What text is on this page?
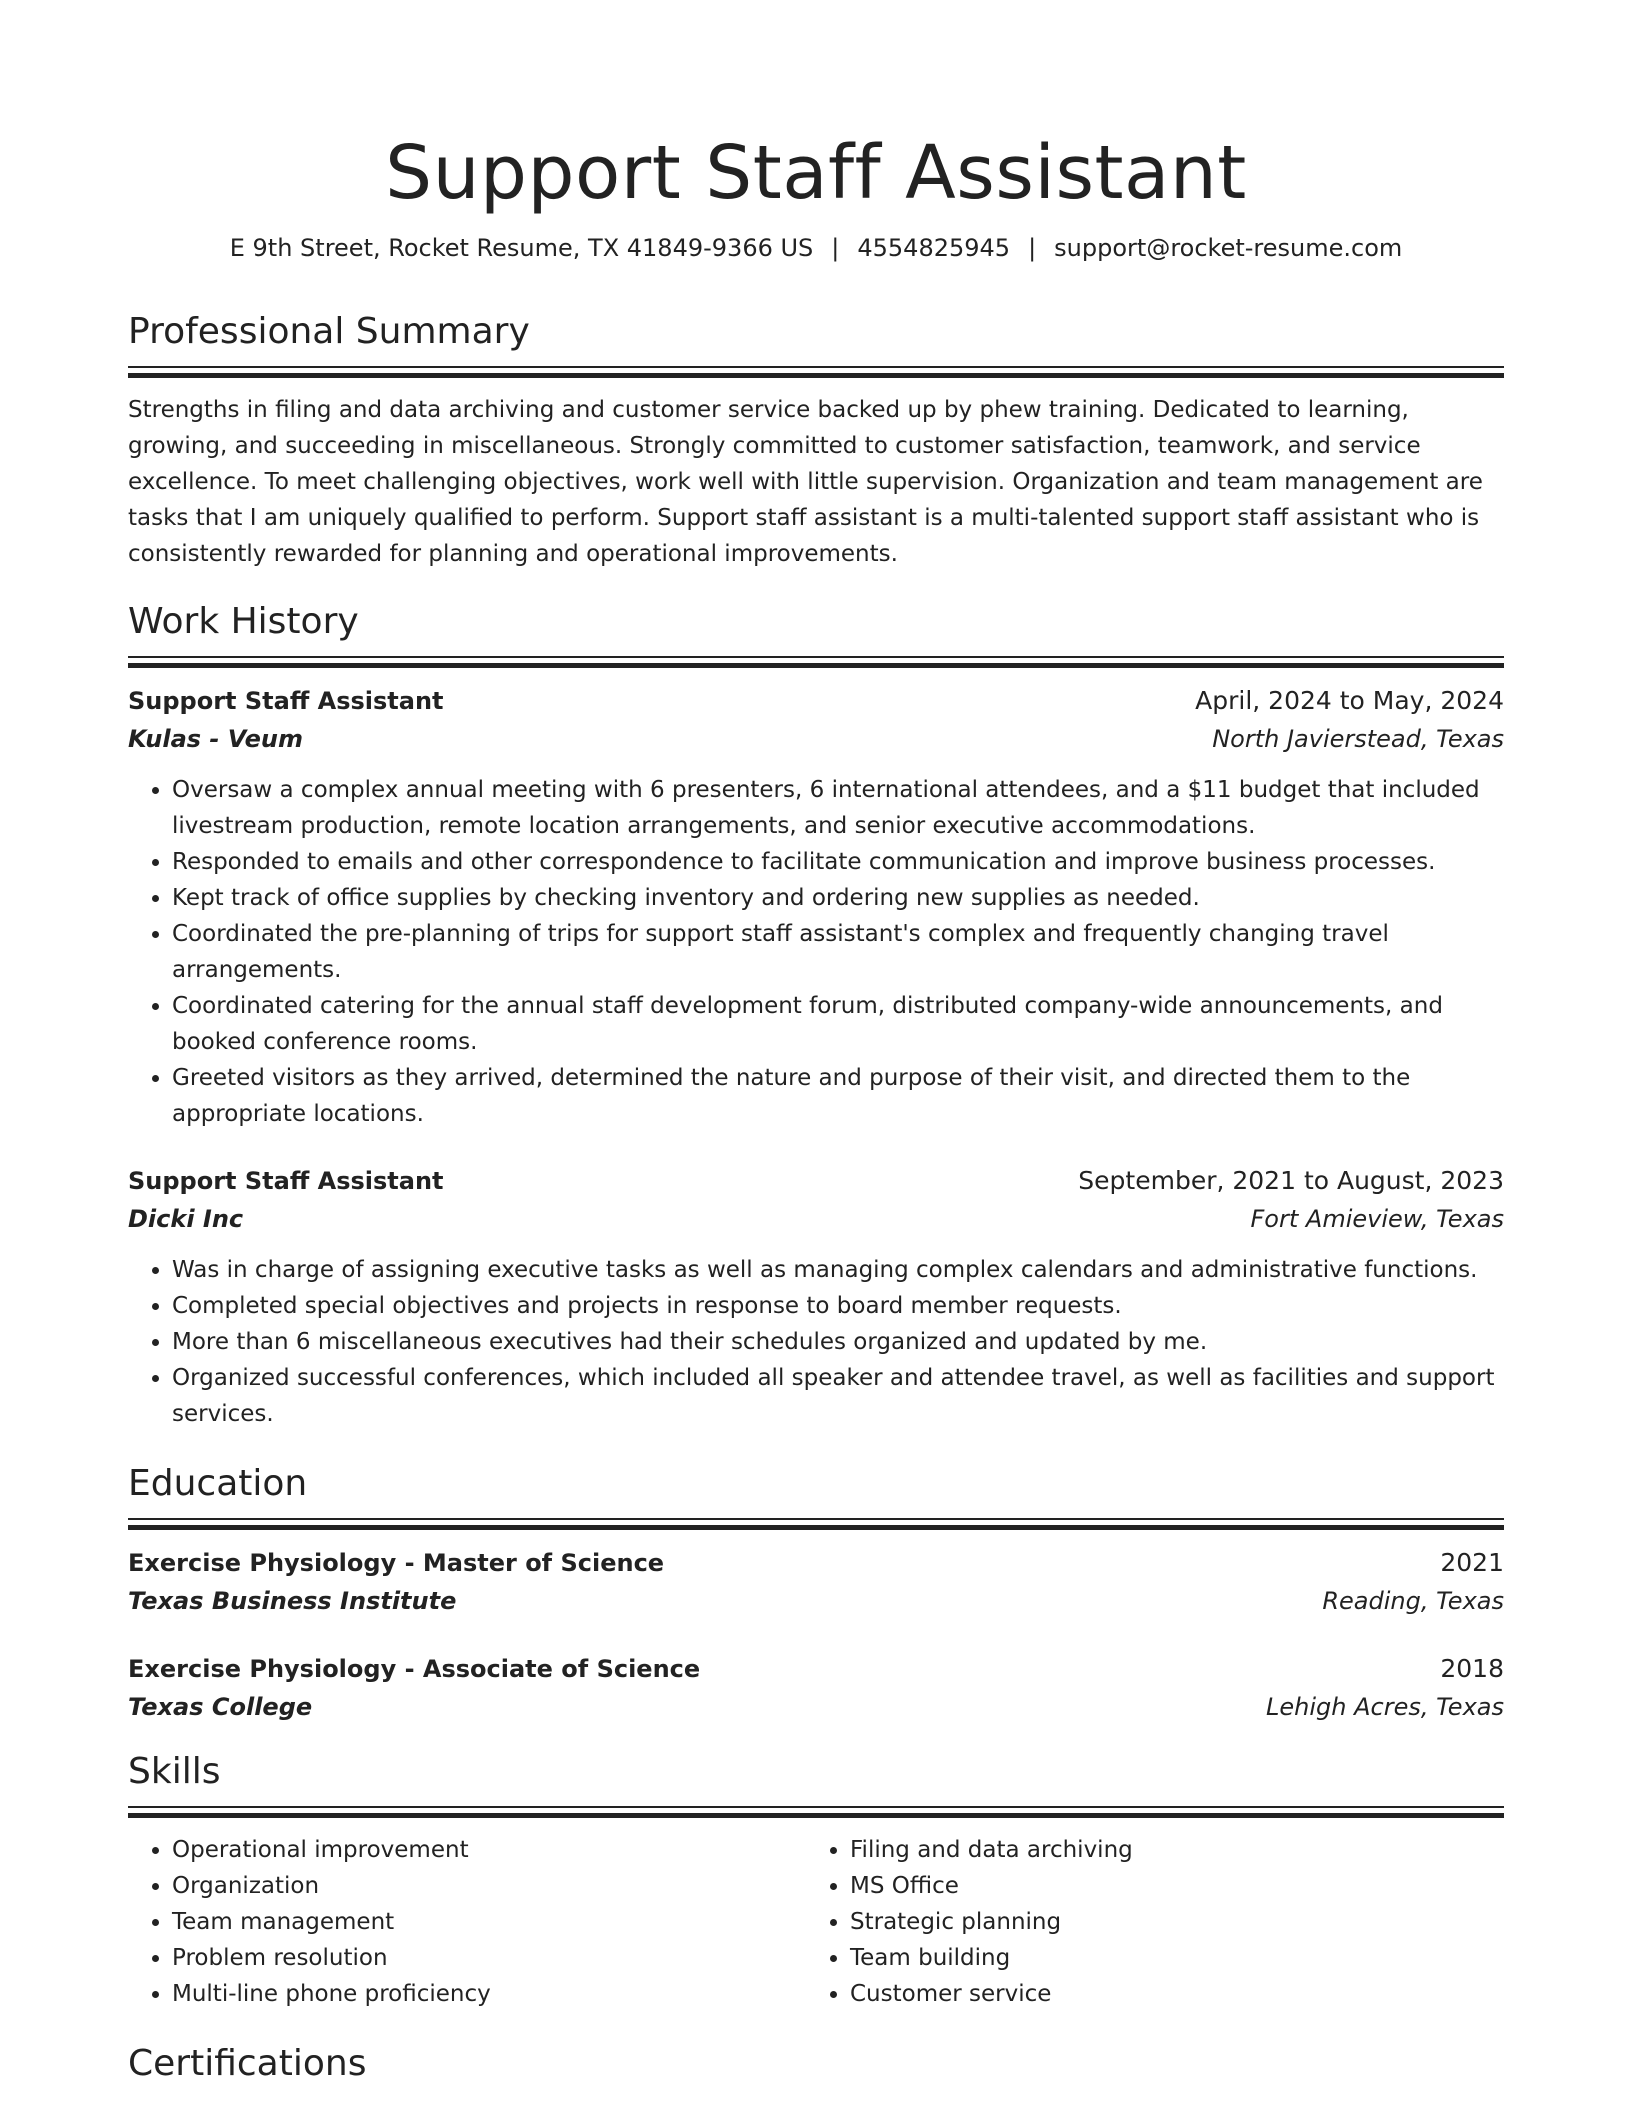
Support Staff Assistant
E 9th Street, Rocket Resume, TX 41849-9366 US | 4554825945 | support@rocket-resume.com
Professional Summary
Strengths in filing and data archiving and customer service backed up by phew training. Dedicated to learning, growing, and succeeding in miscellaneous. Strongly committed to customer satisfaction, teamwork, and service excellence. To meet challenging objectives, work well with little supervision. Organization and team management are tasks that I am uniquely qualified to perform. Support staff assistant is a multi-talented support staff assistant who is consistently rewarded for planning and operational improvements.
Work History
Support Staff Assistant	April, 2024 to May, 2024
Kulas - Veum	North Javierstead, Texas
• Oversaw a complex annual meeting with 6 presenters, 6 international attendees, and a $11 budget that included livestream production, remote location arrangements, and senior executive accommodations.
• Responded to emails and other correspondence to facilitate communication and improve business processes.
• Kept track of office supplies by checking inventory and ordering new supplies as needed.
• Coordinated the pre-planning of trips for support staff assistant's complex and frequently changing travel arrangements.
• Coordinated catering for the annual staff development forum, distributed company-wide announcements, and booked conference rooms.
• Greeted visitors as they arrived, determined the nature and purpose of their visit, and directed them to the appropriate locations.
Support Staff Assistant	September, 2021 to August, 2023
Dicki Inc	Fort Amieview, Texas
• Was in charge of assigning executive tasks as well as managing complex calendars and administrative functions.
• Completed special objectives and projects in response to board member requests.
• More than 6 miscellaneous executives had their schedules organized and updated by me.
• Organized successful conferences, which included all speaker and attendee travel, as well as facilities and support services.
Education
Exercise Physiology - Master of Science	2021
Texas Business Institute	Reading, Texas
Exercise Physiology - Associate of Science	2018
Texas College	Lehigh Acres, Texas
Skills
• Operational improvement
• Organization
• Team management
• Problem resolution
• Multi-line phone proficiency
• Filing and data archiving
• MS Office
• Strategic planning
• Team building
• Customer service
Certifications
